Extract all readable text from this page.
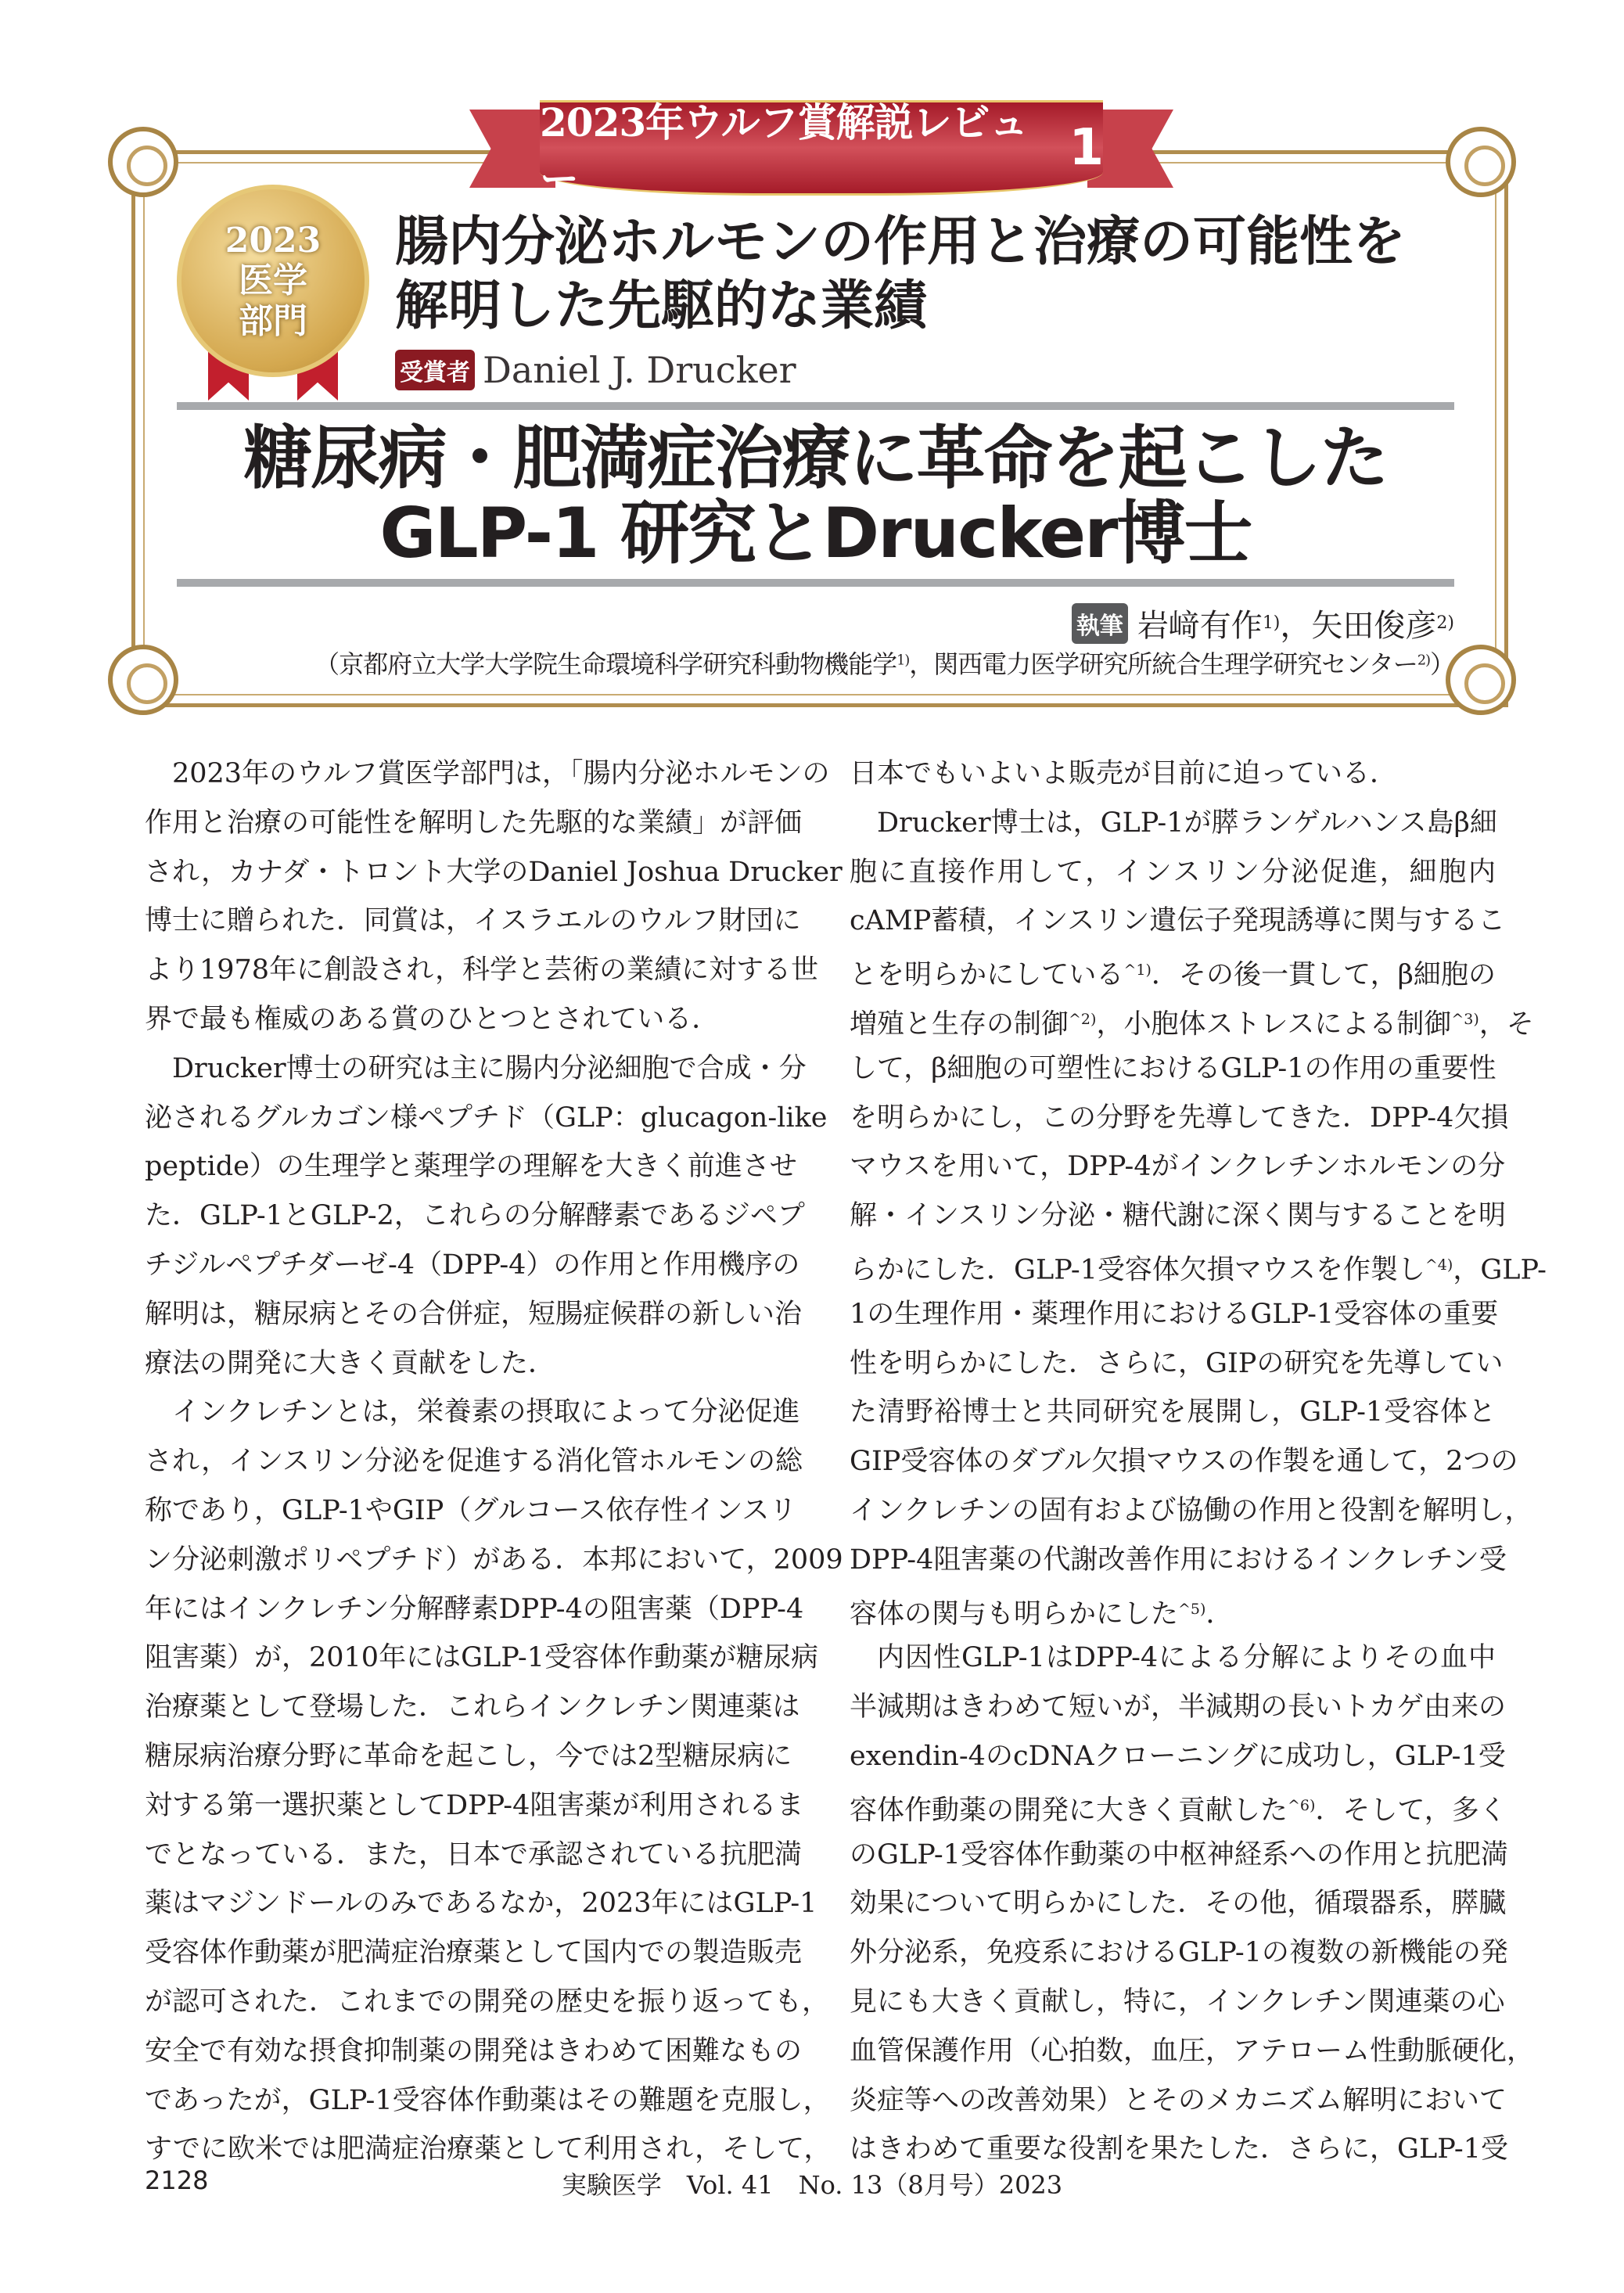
2023年ウルフ賞解説レビュー
1
2023
医学
部門
腸内分泌ホルモンの作用と治療の可能性を
解明した先駆的な業績
受賞者 Daniel J. Drucker
糖尿病・肥満症治療に革命を起こした
GLP-1 研究とDrucker博士
執筆 岩﨑有作 1) ， 矢田俊彦 2)
（京都府立大学大学院生命環境科学研究科動物機能学$^{1)}$，関西電力医学研究所統合生理学研究センター$^{2)}$）
2023年のウルフ賞医学部門は，「腸内分泌ホルモンの
作用と治療の可能性を解明した先駆的な業績」が評価
され，カナダ・トロント大学のDaniel Joshua Drucker
博士に贈られた．同賞は，イスラエルのウルフ財団に
より1978年に創設され，科学と芸術の業績に対する世
界で最も権威のある賞のひとつとされている．
Drucker博士の研究は主に腸内分泌細胞で合成・分
泌されるグルカゴン様ペプチド（GLP：glucagon-like
peptide）の生理学と薬理学の理解を大きく前進させ
た．GLP-1とGLP-2，これらの分解酵素であるジペプ
チジルペプチダーゼ-4（DPP-4）の作用と作用機序の
解明は，糖尿病とその合併症，短腸症候群の新しい治
療法の開発に大きく貢献をした．
インクレチンとは，栄養素の摂取によって分泌促進
され，インスリン分泌を促進する消化管ホルモンの総
称であり，GLP-1やGIP（グルコース依存性インスリ
ン分泌刺激ポリペプチド）がある．本邦において，2009
年にはインクレチン分解酵素DPP-4の阻害薬（DPP-4
阻害薬）が，2010年にはGLP-1受容体作動薬が糖尿病
治療薬として登場した．これらインクレチン関連薬は
糖尿病治療分野に革命を起こし，今では2型糖尿病に
対する第一選択薬としてDPP-4阻害薬が利用されるま
でとなっている．また，日本で承認されている抗肥満
薬はマジンドールのみであるなか，2023年にはGLP-1
受容体作動薬が肥満症治療薬として国内での製造販売
が認可された．これまでの開発の歴史を振り返っても，
安全で有効な摂食抑制薬の開発はきわめて困難なもの
であったが，GLP-1受容体作動薬はその難題を克服し，
すでに欧米では肥満症治療薬として利用され，そして，
日本でもいよいよ販売が目前に迫っている．
Drucker博士は，GLP-1が膵ランゲルハンス島β細
胞に直接作用して，インスリン分泌促進，細胞内
cAMP蓄積，インスリン遺伝子発現誘導に関与するこ
とを明らかにしている$^{\^{}1)}$．その後一貫して，β細胞の
増殖と生存の制御$^{\^{}2)}$，小胞体ストレスによる制御$^{\^{}3)}$，そ
して，β細胞の可塑性におけるGLP-1の作用の重要性
を明らかにし，この分野を先導してきた．DPP-4欠損
マウスを用いて，DPP-4がインクレチンホルモンの分
解・インスリン分泌・糖代謝に深く関与することを明
らかにした．GLP-1受容体欠損マウスを作製し$^{\^{}4)}$，GLP-
1の生理作用・薬理作用におけるGLP-1受容体の重要
性を明らかにした．さらに，GIPの研究を先導してい
た清野裕博士と共同研究を展開し，GLP-1受容体と
GIP受容体のダブル欠損マウスの作製を通して，2つの
インクレチンの固有および協働の作用と役割を解明し，
DPP-4阻害薬の代謝改善作用におけるインクレチン受
容体の関与も明らかにした$^{\^{}5)}$．
内因性GLP-1はDPP-4による分解によりその血中
半減期はきわめて短いが，半減期の長いトカゲ由来の
exendin-4のcDNAクローニングに成功し，GLP-1受
容体作動薬の開発に大きく貢献した$^{\^{}6)}$．そして，多く
のGLP-1受容体作動薬の中枢神経系への作用と抗肥満
効果について明らかにした．その他，循環器系，膵臓
外分泌系，免疫系におけるGLP-1の複数の新機能の発
見にも大きく貢献し，特に，インクレチン関連薬の心
血管保護作用（心拍数，血圧，アテローム性動脈硬化，
炎症等への改善効果）とそのメカニズム解明において
はきわめて重要な役割を果たした．さらに，GLP-1受
2128	実験医学　Vol. 41　No. 13（8月号）2023
